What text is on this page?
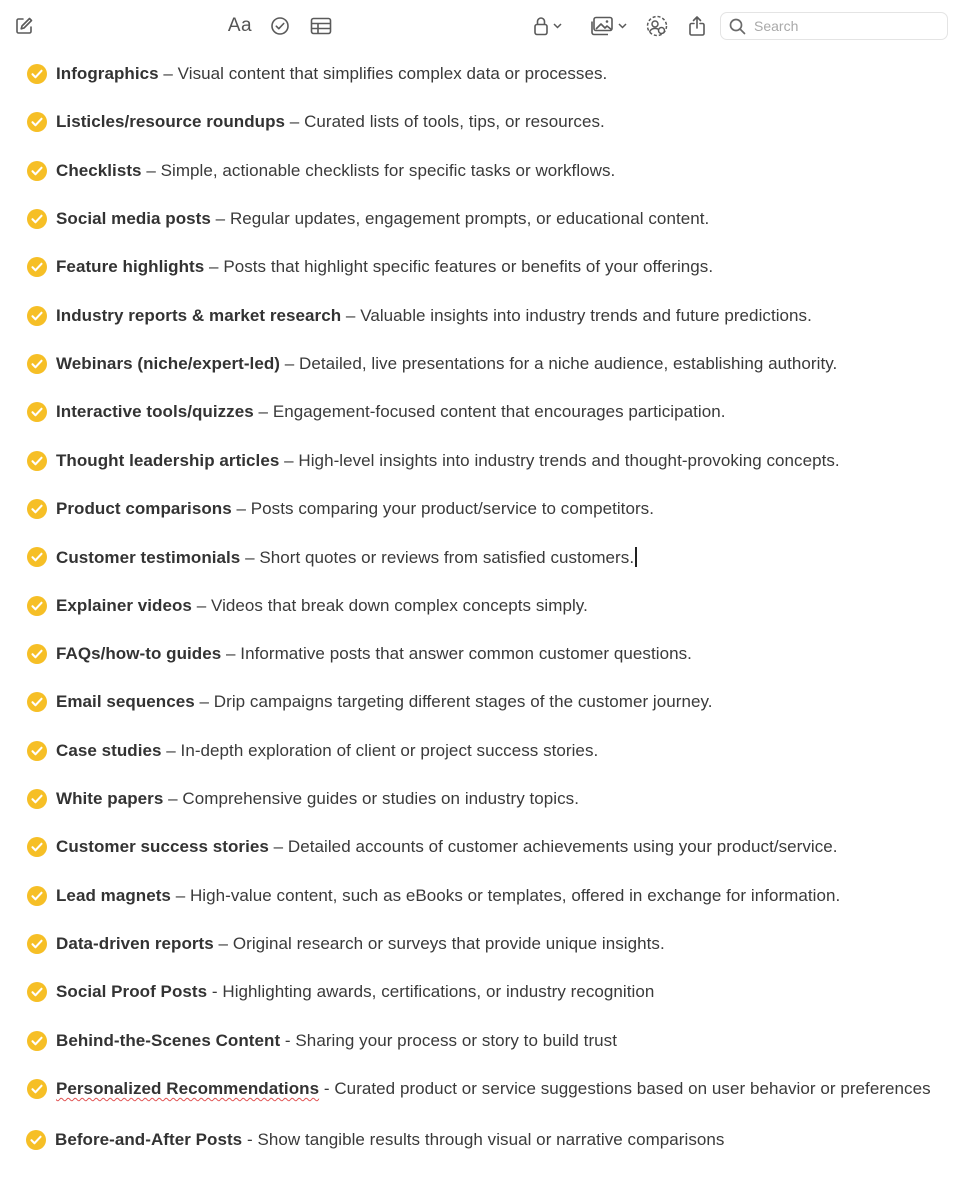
Aa
Search
Infographics – Visual content that simplifies complex data or processes.
Listicles/resource roundups – Curated lists of tools, tips, or resources.
Checklists – Simple, actionable checklists for specific tasks or workflows.
Social media posts – Regular updates, engagement prompts, or educational content.
Feature highlights – Posts that highlight specific features or benefits of your offerings.
Industry reports & market research – Valuable insights into industry trends and future predictions.
Webinars (niche/expert-led) – Detailed, live presentations for a niche audience, establishing authority.
Interactive tools/quizzes – Engagement-focused content that encourages participation.
Thought leadership articles – High-level insights into industry trends and thought-provoking concepts.
Product comparisons – Posts comparing your product/service to competitors.
Customer testimonials – Short quotes or reviews from satisfied customers.
Explainer videos – Videos that break down complex concepts simply.
FAQs/how-to guides – Informative posts that answer common customer questions.
Email sequences – Drip campaigns targeting different stages of the customer journey.
Case studies – In-depth exploration of client or project success stories.
White papers – Comprehensive guides or studies on industry topics.
Customer success stories – Detailed accounts of customer achievements using your product/service.
Lead magnets – High-value content, such as eBooks or templates, offered in exchange for information.
Data-driven reports – Original research or surveys that provide unique insights.
Social Proof Posts - Highlighting awards, certifications, or industry recognition
Behind-the-Scenes Content - Sharing your process or story to build trust
Personalized Recommendations - Curated product or service suggestions based on user behavior or preferences
Before-and-After Posts - Show tangible results through visual or narrative comparisons
